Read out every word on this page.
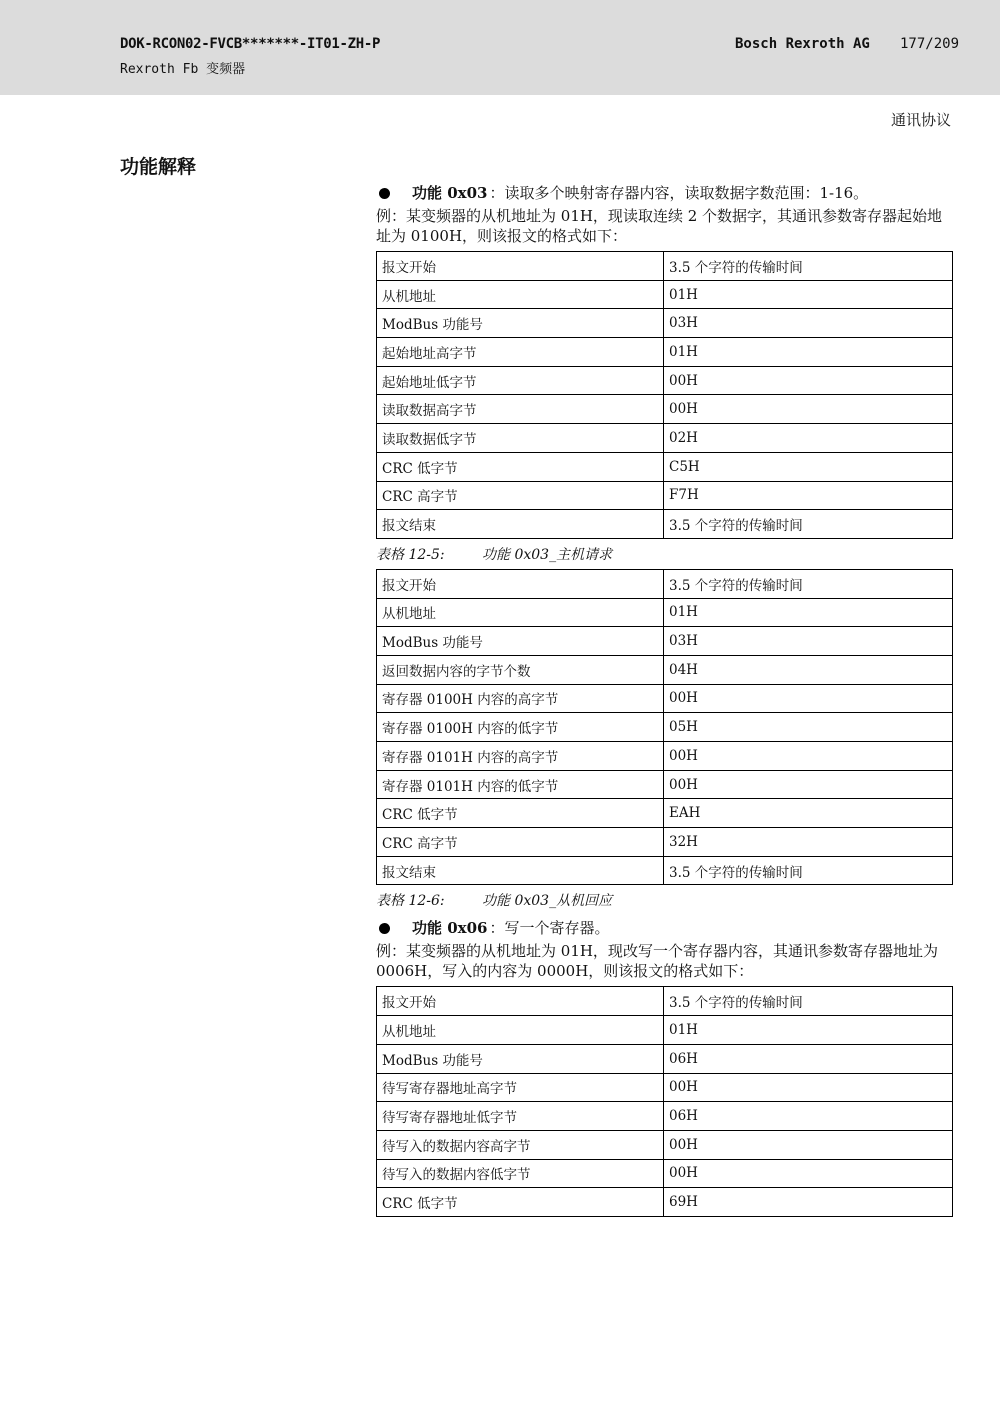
DOK-RCON02-FVCB*******-IT01-ZH-P
Rexroth Fb 变频器
Bosch Rexroth AG 177/209
通讯协议
功能解释

功能 0x03 ：读取多个映射寄存器内容，读取数据字数范围：1-16。

例：某变频器的从机地址为 01H，现读取连续 2 个数据字，其通讯参数寄存器起始地址为 0100H，则该报文的格式如下：

报文开始	3.5 个字符的传输时间
从机地址	01H
ModBus 功能号	03H
起始地址高字节	01H
起始地址低字节	00H
读取数据高字节	00H
读取数据低字节	02H
CRC 低字节	C5H
CRC 高字节	F7H
报文结束	3.5 个字符的传输时间
表格 12-5:	功能 0x03_主机请求
报文开始	3.5 个字符的传输时间
从机地址	01H
ModBus 功能号	03H
返回数据内容的字节个数	04H
寄存器 0100H 内容的高字节	00H
寄存器 0100H 内容的低字节	05H
寄存器 0101H 内容的高字节	00H
寄存器 0101H 内容的低字节	00H
CRC 低字节	EAH
CRC 高字节	32H
报文结束	3.5 个字符的传输时间
表格 12-6:	功能 0x03_从机回应

功能 0x06 ：写一个寄存器。

例：某变频器的从机地址为 01H，现改写一个寄存器内容，其通讯参数寄存器地址为 0006H，写入的内容为 0000H，则该报文的格式如下：

报文开始	3.5 个字符的传输时间
从机地址	01H
ModBus 功能号	06H
待写寄存器地址高字节	00H
待写寄存器地址低字节	06H
待写入的数据内容高字节	00H
待写入的数据内容低字节	00H
CRC 低字节	69H
